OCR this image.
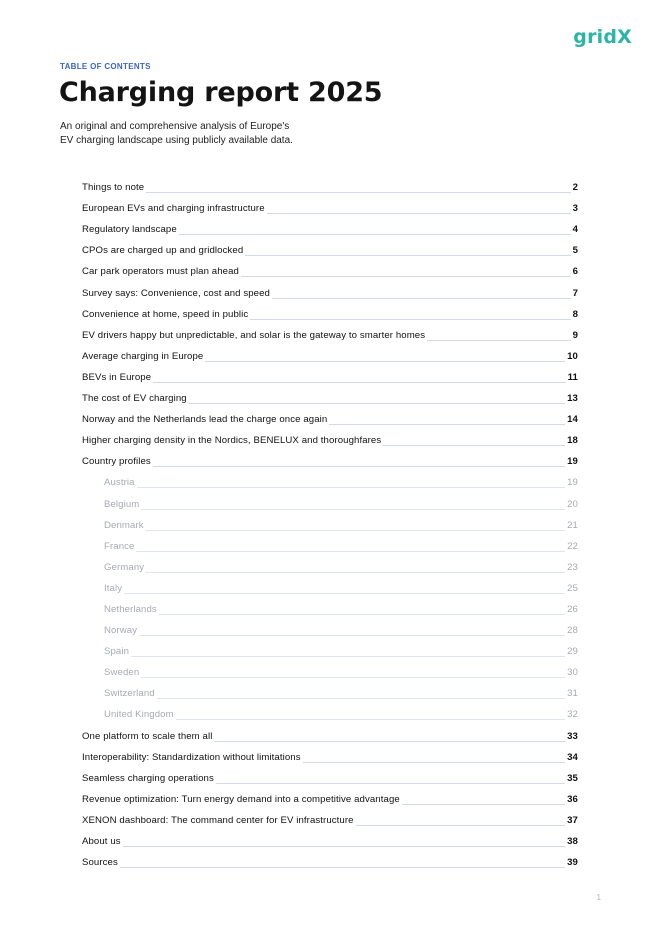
gridX
TABLE OF CONTENTS
Charging report 2025
An original and comprehensive analysis of Europe's
EV charging landscape using publicly available data.
Things to note	2
European EVs and charging infrastructure	3
Regulatory landscape	4
CPOs are charged up and gridlocked	5
Car park operators must plan ahead	6
Survey says: Convenience, cost and speed	7
Convenience at home, speed in public	8
EV drivers happy but unpredictable, and solar is the gateway to smarter homes	9
Average charging in Europe	10
BEVs in Europe	11
The cost of EV charging	13
Norway and the Netherlands lead the charge once again	14
Higher charging density in the Nordics, BENELUX and thoroughfares	18
Country profiles	19
Austria	19
Belgium	20
Denmark	21
France	22
Germany	23
Italy	25
Netherlands	26
Norway	28
Spain	29
Sweden	30
Switzerland	31
United Kingdom	32
One platform to scale them all	33
Interoperability: Standardization without limitations	34
Seamless charging operations	35
Revenue optimization: Turn energy demand into a competitive advantage	36
XENON dashboard: The command center for EV infrastructure	37
About us	38
Sources	39
1
